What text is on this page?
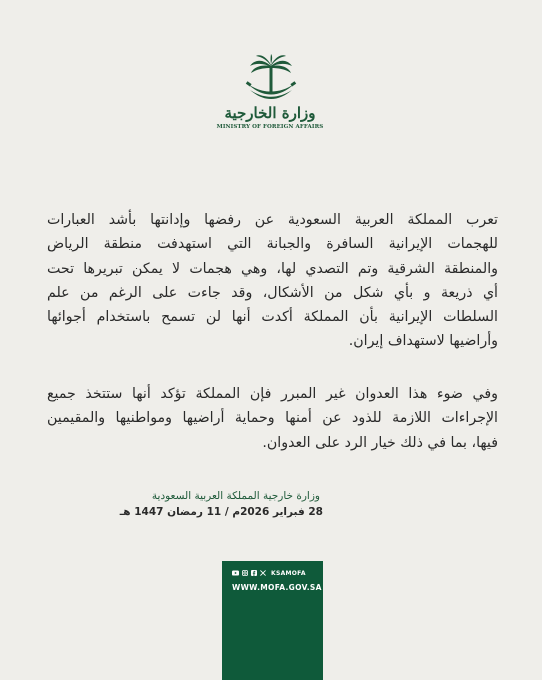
وزارة الخارجية
MINISTRY OF FOREIGN AFFAIRS
تعرب المملكة العربية السعودية عن رفضها وإدانتها بأشد العبارات
للهجمات الإيرانية السافرة والجبانة التي استهدفت منطقة الرياض
والمنطقة الشرقية وتم التصدي لها، وهي هجمات لا يمكن تبريرها تحت
أي ذريعة و بأي شكل من الأشكال، وقد جاءت على الرغم من علم
السلطات الإيرانية بأن المملكة أكدت أنها لن تسمح باستخدام أجوائها
وأراضيها لاستهداف إيران.
وفي ضوء هذا العدوان غير المبرر فإن المملكة تؤكد أنها ستتخذ جميع
الإجراءات اللازمة للذود عن أمنها وحماية أراضيها ومواطنيها والمقيمين
فيها، بما في ذلك خيار الرد على العدوان.
وزارة خارجية المملكة العربية السعودية
28 فبراير 2026م / 11 رمضان 1447 هـ
KSAMOFA
WWW.MOFA.GOV.SA
